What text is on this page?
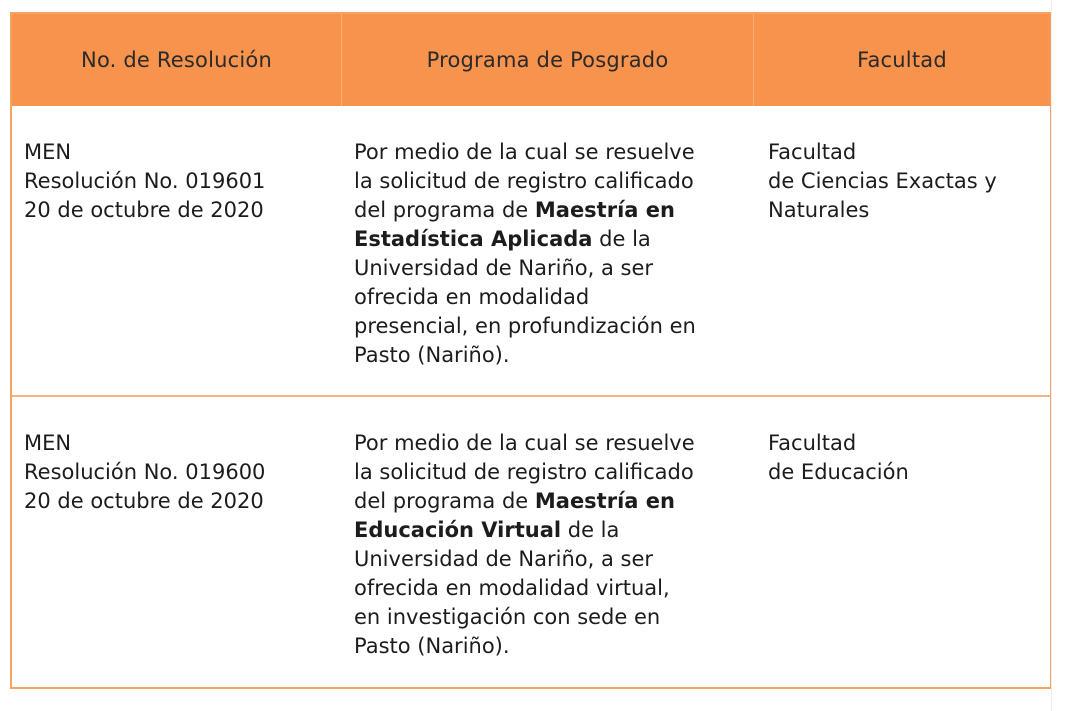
No. de Resolución	Programa de Posgrado	Facultad
MEN
Resolución No. 019601
20 de octubre de 2020
Por medio de la cual se resuelve
la solicitud de registro calificado
del programa de Maestría en
Estadística Aplicada de la
Universidad de Nariño, a ser
ofrecida en modalidad
presencial, en profundización en
Pasto (Nariño).
Facultad
de Ciencias Exactas y
Naturales
MEN
Resolución No. 019600
20 de octubre de 2020
Por medio de la cual se resuelve
la solicitud de registro calificado
del programa de Maestría en
Educación Virtual de la
Universidad de Nariño, a ser
ofrecida en modalidad virtual,
en investigación con sede en
Pasto (Nariño).
Facultad
de Educación
